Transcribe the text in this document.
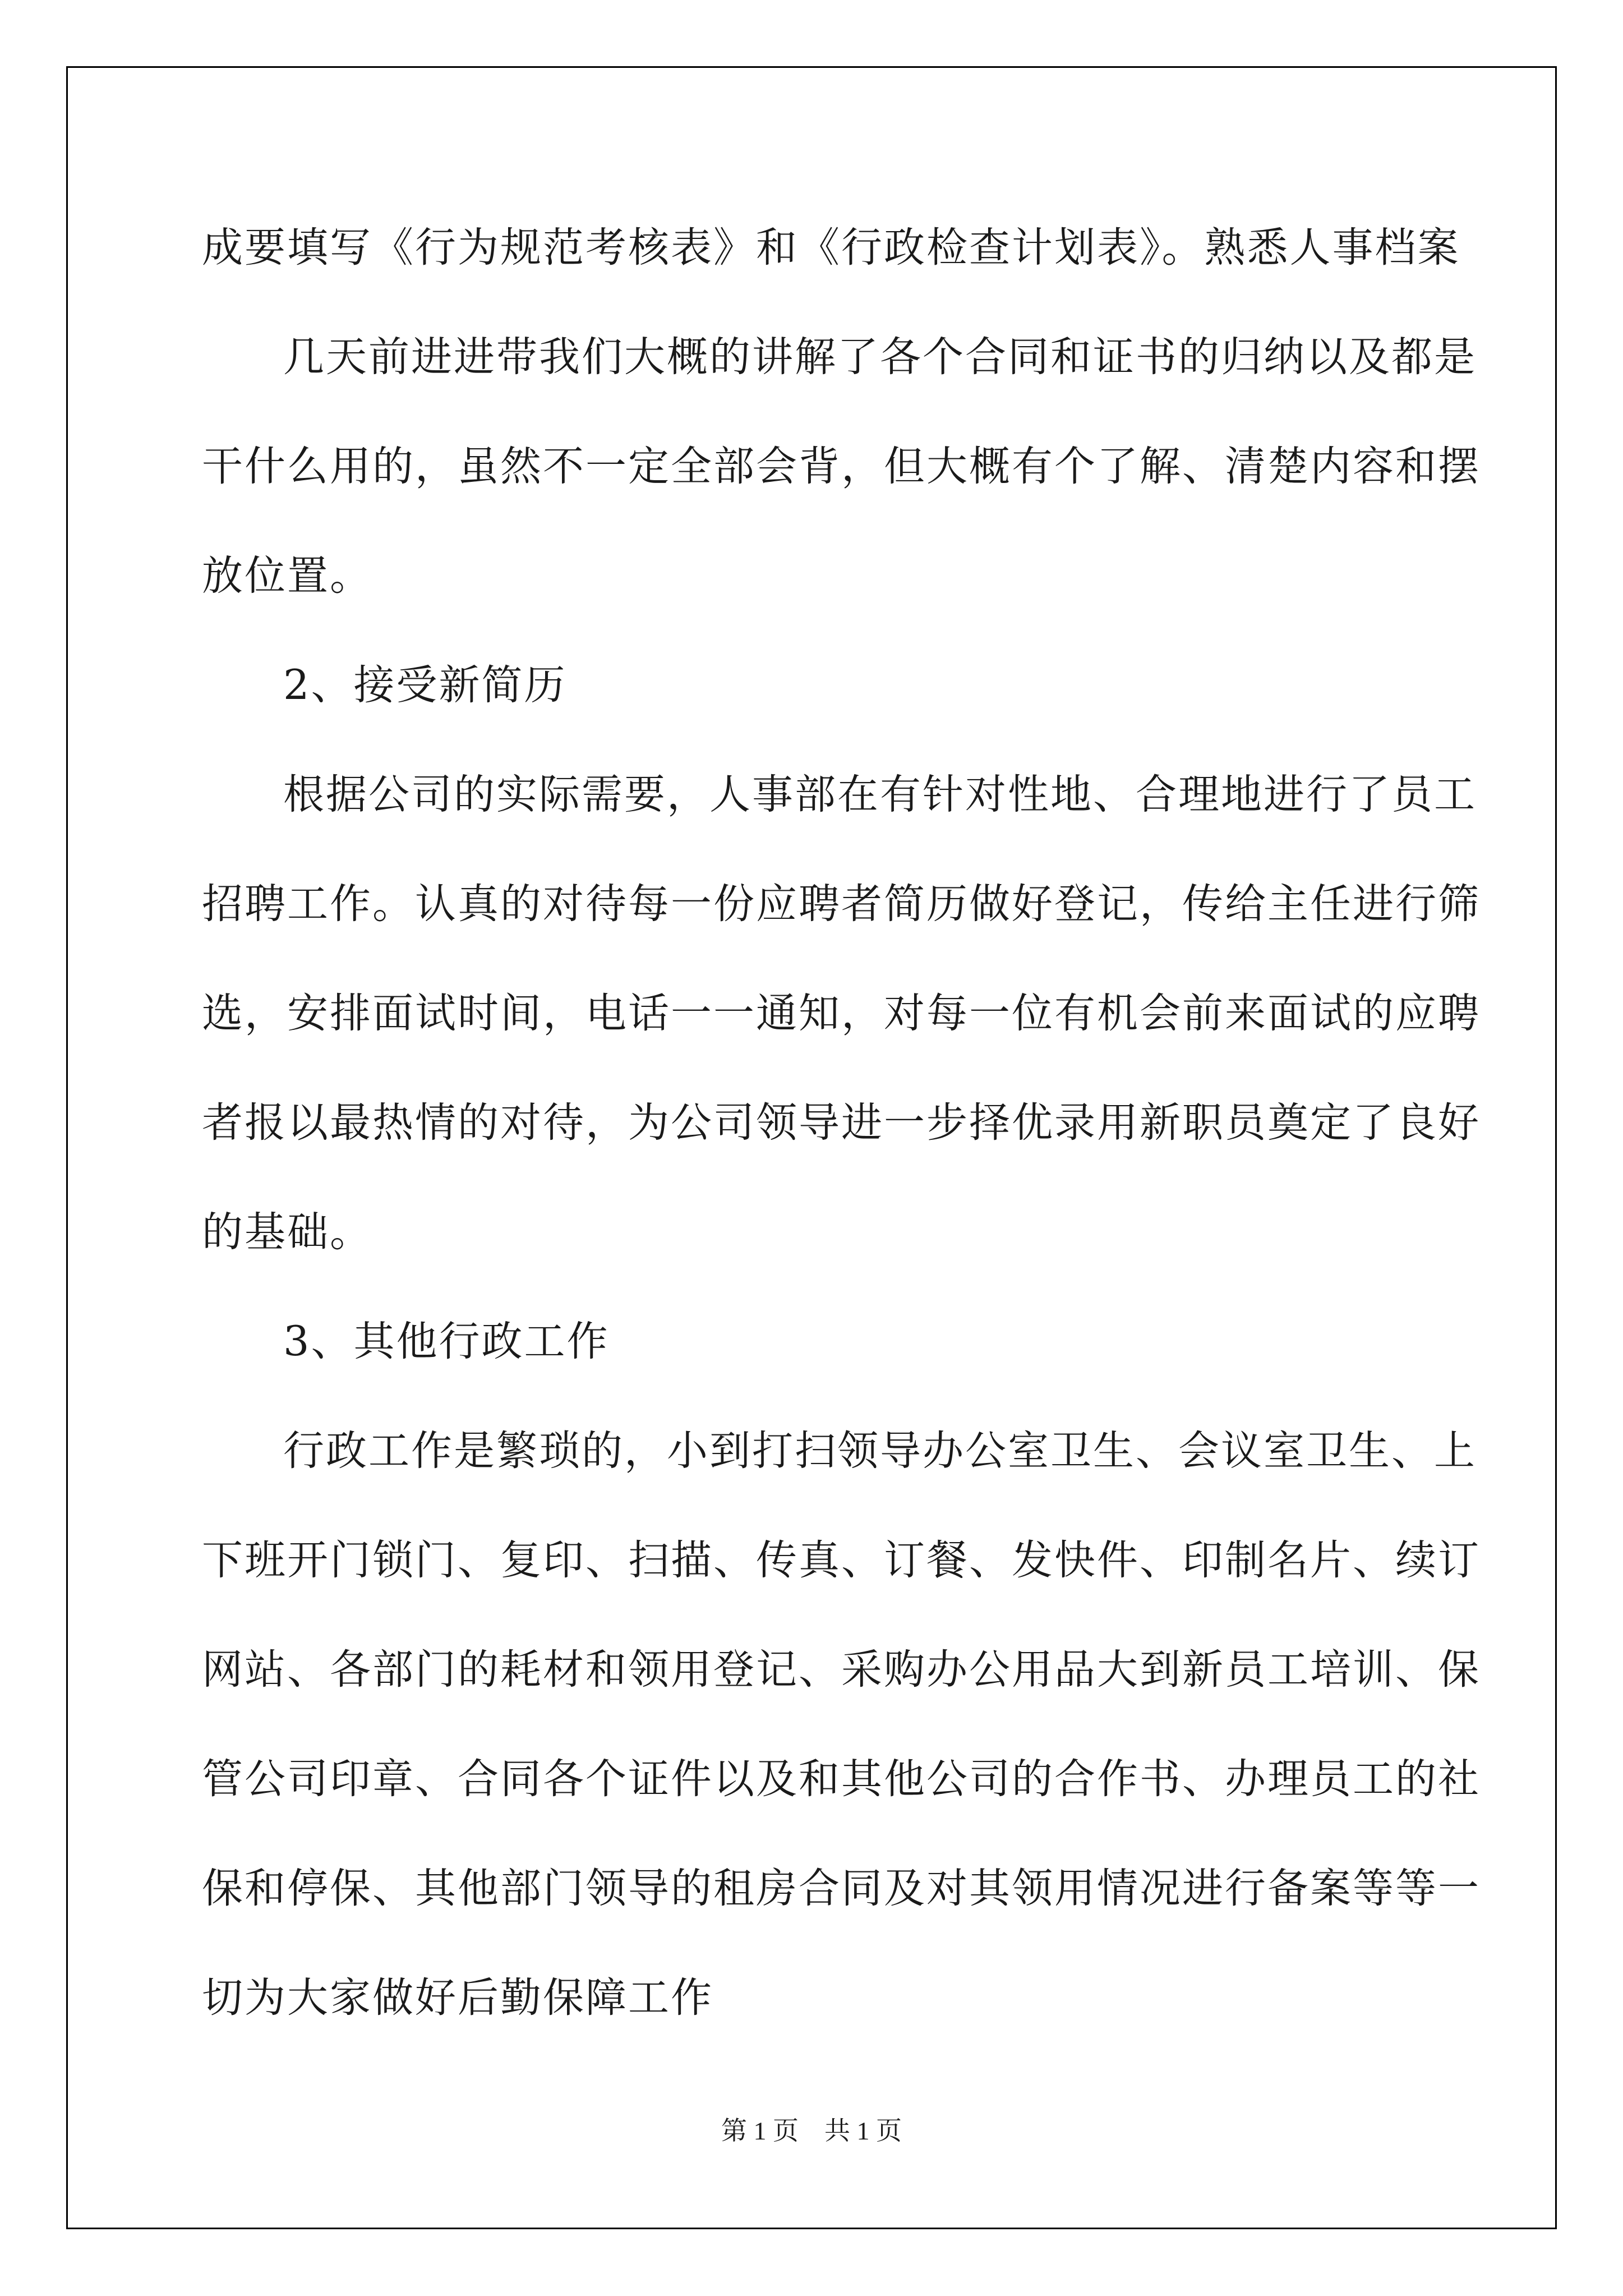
成要填写《行为规范考核表》和《行政检查计划表》。熟悉人事档案

几天前进进带我们大概的讲解了各个合同和证书的归纳以及都是

干什么用的，虽然不一定全部会背，但大概有个了解、清楚内容和摆

放位置。

2、接受新简历

根据公司的实际需要，人事部在有针对性地、合理地进行了员工

招聘工作。认真的对待每一份应聘者简历做好登记，传给主任进行筛

选，安排面试时间，电话一一通知，对每一位有机会前来面试的应聘

者报以最热情的对待，为公司领导进一步择优录用新职员奠定了良好

的基础。

3、其他行政工作

行政工作是繁琐的，小到打扫领导办公室卫生、会议室卫生、上

下班开门锁门、复印、扫描、传真、订餐、发快件、印制名片、续订

网站、各部门的耗材和领用登记、采购办公用品大到新员工培训、保

管公司印章、合同各个证件以及和其他公司的合作书、办理员工的社

保和停保、其他部门领导的租房合同及对其领用情况进行备案等等一

切为大家做好后勤保障工作

第 1 页　共 1 页
